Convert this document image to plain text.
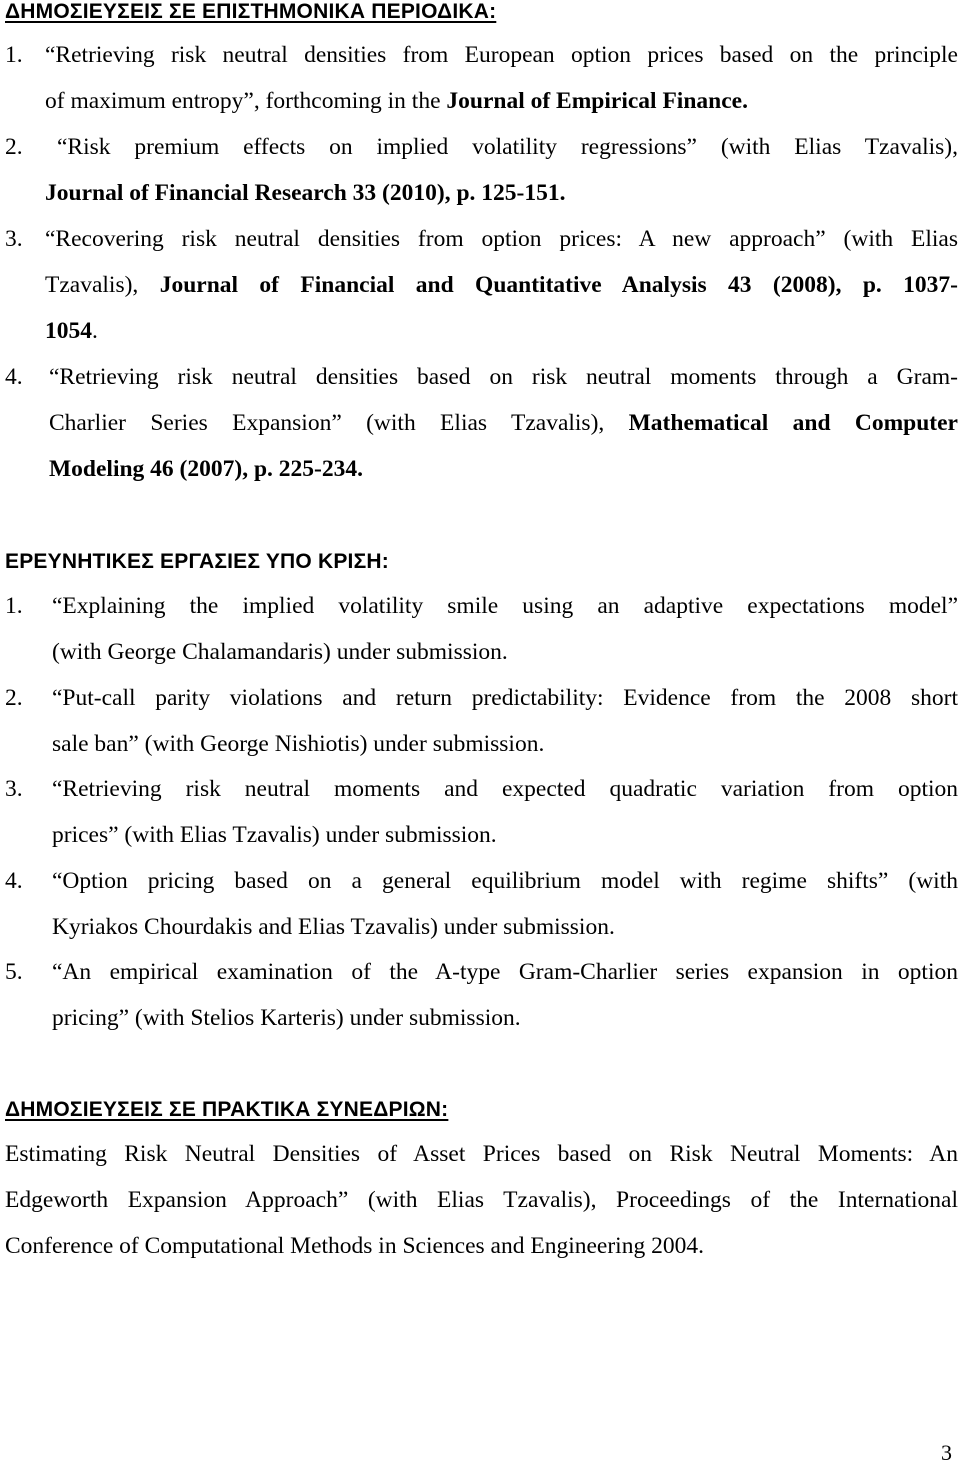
ΔΗΜΟΣΙΕΥΣΕΙΣ ΣΕ ΕΠΙΣΤΗΜΟΝΙΚΑ ΠΕΡΙΟΔΙΚΑ:
1. “Retrieving risk neutral densities from European option prices based on the principle
of maximum entropy”, forthcoming in the Journal of Empirical Finance.
2. “Risk premium effects on implied volatility regressions” (with Elias Tzavalis),
Journal of Financial Research 33 (2010), p. 125-151.
3. “Recovering risk neutral densities from option prices: A new approach” (with Elias
Tzavalis), Journal of Financial and Quantitative Analysis 43 (2008), p. 1037-
1054.
4. “Retrieving risk neutral densities based on risk neutral moments through a Gram-
Charlier Series Expansion” (with Elias Tzavalis), Mathematical and Computer
Modeling 46 (2007), p. 225-234.
ΕΡΕΥΝΗΤΙΚΕΣ ΕΡΓΑΣΙΕΣ ΥΠΟ ΚΡΙΣΗ:
1. “Explaining the implied volatility smile using an adaptive expectations model”
(with George Chalamandaris) under submission.
2. “Put-call parity violations and return predictability: Evidence from the 2008 short
sale ban” (with George Nishiotis) under submission.
3. “Retrieving risk neutral moments and expected quadratic variation from option
prices” (with Elias Tzavalis) under submission.
4. “Option pricing based on a general equilibrium model with regime shifts” (with
Kyriakos Chourdakis and Elias Tzavalis) under submission.
5. “An empirical examination of the A-type Gram-Charlier series expansion in option
pricing” (with Stelios Karteris) under submission.
ΔΗΜΟΣΙΕΥΣΕΙΣ ΣΕ ΠΡΑΚΤΙΚΑ ΣΥΝΕΔΡΙΩΝ:
Estimating Risk Neutral Densities of Asset Prices based on Risk Neutral Moments: An
Edgeworth Expansion Approach” (with Elias Tzavalis), Proceedings of the International
Conference of Computational Methods in Sciences and Engineering 2004.
3
